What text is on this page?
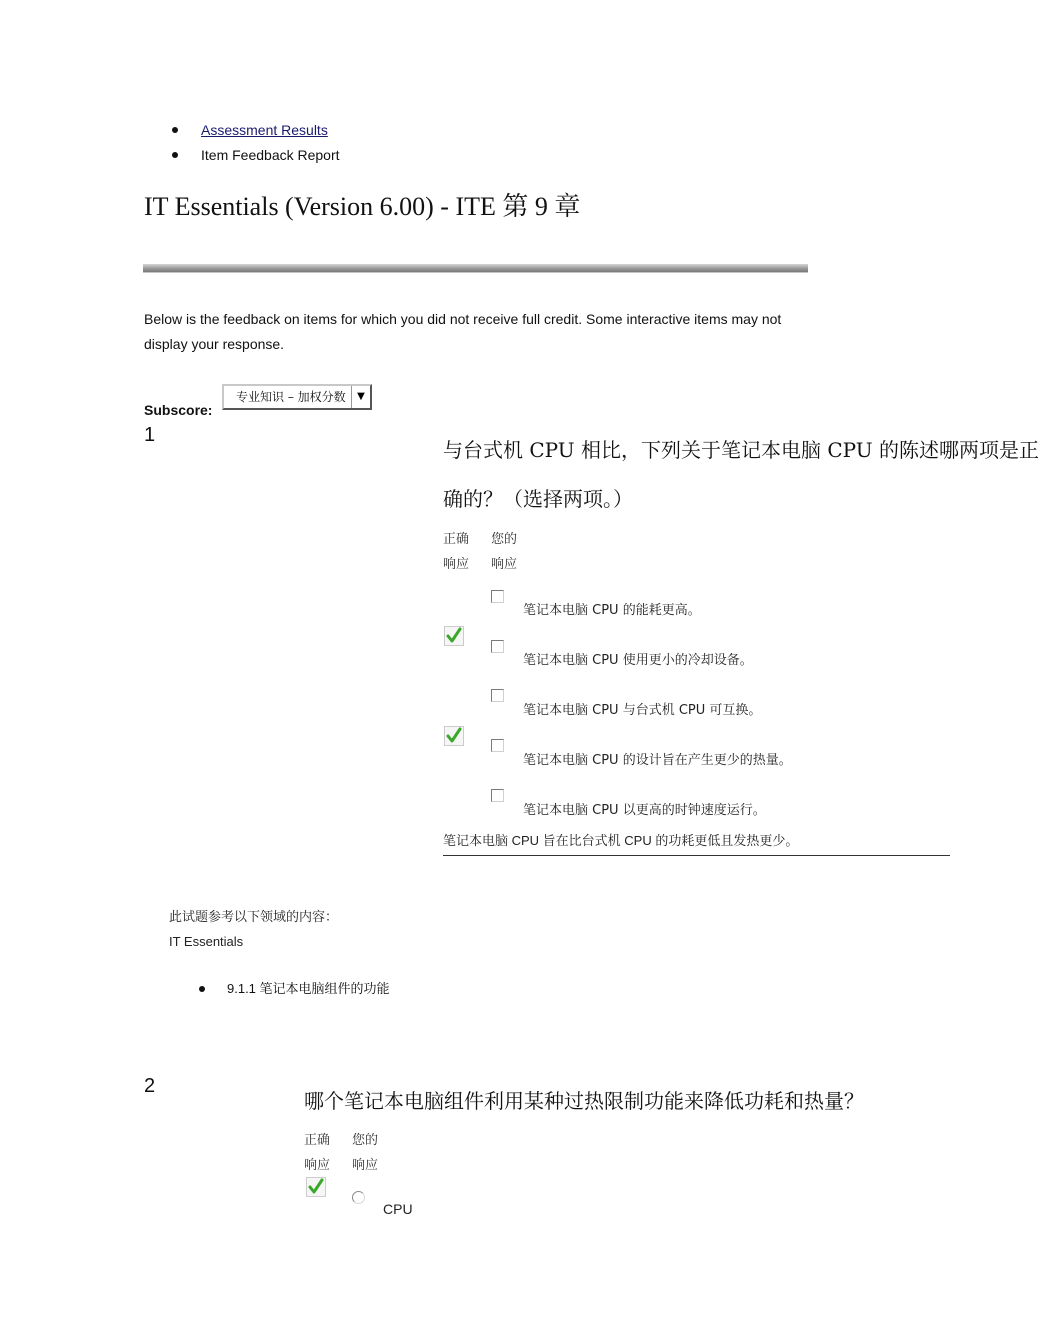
Assessment Results
Item Feedback Report
IT Essentials (Version 6.00) - ITE 第 9 章
Below is the feedback on items for which you did not receive full credit. Some interactive items may not display your response.
Subscore:
专业知识 – 加权分数	▼
1
与台式机 CPU 相比，下列关于笔记本电脑 CPU 的陈述哪两项是正
确的？（选择两项。）
正确
响应
您的
响应
笔记本电脑 CPU 的能耗更高。
笔记本电脑 CPU 使用更小的冷却设备。
笔记本电脑 CPU 与台式机 CPU 可互换。
笔记本电脑 CPU 的设计旨在产生更少的热量。
笔记本电脑 CPU 以更高的时钟速度运行。
笔记本电脑 CPU 旨在比台式机 CPU 的功耗更低且发热更少。
此试题参考以下领域的内容：
IT Essentials
9.1.1 笔记本电脑组件的功能
2
哪个笔记本电脑组件利用某种过热限制功能来降低功耗和热量？
正确
响应
您的
响应
CPU
